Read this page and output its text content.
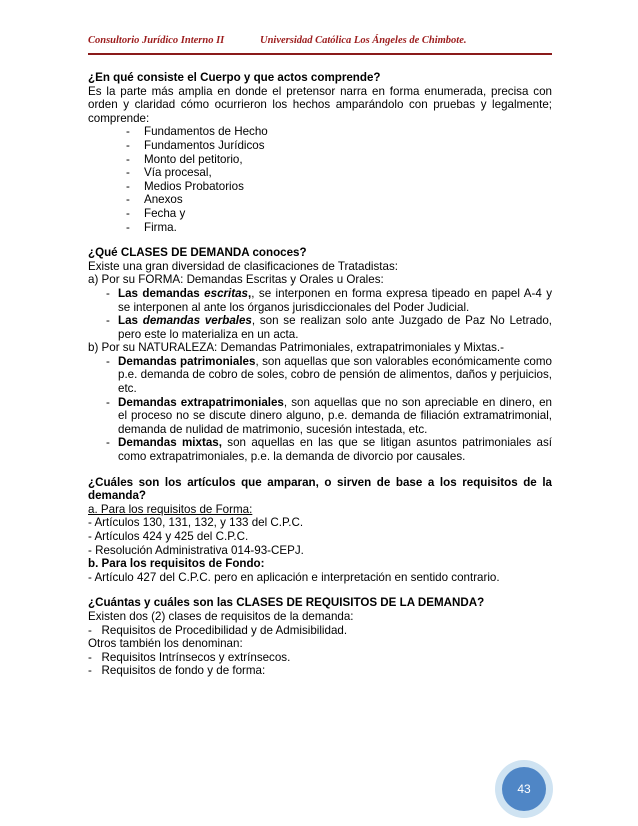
Consultorio Jurídico Interno II	Universidad Católica Los Ángeles de Chimbote.

¿En qué consiste el Cuerpo y que actos comprende?

Es la parte más amplia en donde el pretensor narra en forma enumerada, precisa con orden y claridad cómo ocurrieron los hechos amparándolo con pruebas y legalmente; comprende:

- Fundamentos de Hecho
- Fundamentos Jurídicos
- Monto del petitorio,
- Vía procesal,
- Medios Probatorios
- Anexos
- Fecha y
- Firma.

¿Qué CLASES DE DEMANDA conoces?

Existe una gran diversidad de clasificaciones de Tratadistas:

a) Por su FORMA: Demandas Escritas y Orales u Orales:

- Las demandas escritas,, se interponen en forma expresa tipeado en papel A-4 y se interponen al ante los órganos jurisdiccionales del Poder Judicial.
- Las demandas verbales, son se realizan solo ante Juzgado de Paz No Letrado, pero este lo materializa en un acta.

b) Por su NATURALEZA: Demandas Patrimoniales, extrapatrimoniales y Mixtas.-

- Demandas patrimoniales, son aquellas que son valorables económicamente como p.e. demanda de cobro de soles, cobro de pensión de alimentos, daños y perjuicios, etc.
- Demandas extrapatrimoniales, son aquellas que no son apreciable en dinero, en el proceso no se discute dinero alguno, p.e. demanda de filiación extramatrimonial, demanda de nulidad de matrimonio, sucesión intestada, etc.
- Demandas mixtas, son aquellas en las que se litigan asuntos patrimoniales así como extrapatrimoniales, p.e. la demanda de divorcio por causales.

¿Cuáles son los artículos que amparan, o sirven de base a los requisitos de la demanda?

a. Para los requisitos de Forma:

- Artículos 130, 131, 132, y 133 del C.P.C.

- Artículos 424 y 425 del C.P.C.

- Resolución Administrativa 014-93-CEPJ.

b. Para los requisitos de Fondo:

- Artículo 427 del C.P.C. pero en aplicación e interpretación en sentido contrario.

¿Cuántas y cuáles son las CLASES DE REQUISITOS DE LA DEMANDA?

Existen dos (2) clases de requisitos de la demanda:

-   Requisitos de Procedibilidad y de Admisibilidad.

Otros también los denominan:

-   Requisitos Intrínsecos y extrínsecos.

-   Requisitos de fondo y de forma:

43
